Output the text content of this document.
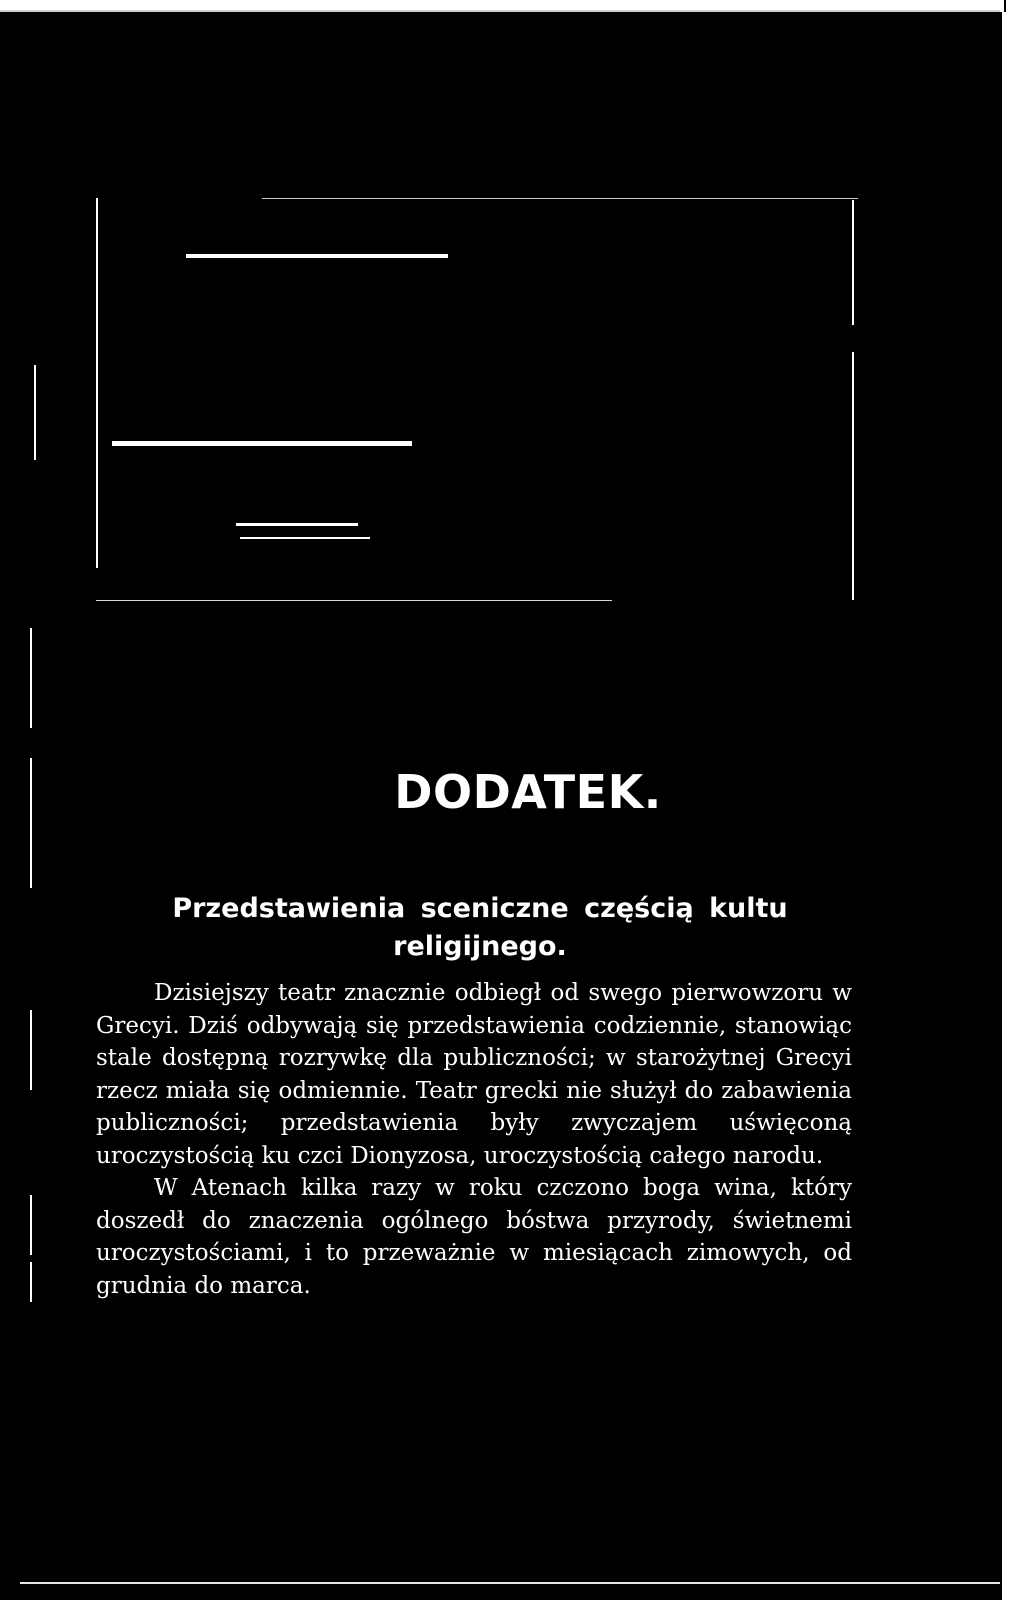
DODATEK.
Przedstawienia sceniczne częścią kultu religijnego.

Dzisiejszy teatr znacznie odbiegł od swego pierwowzoru w Grecyi. Dziś odbywają się przedstawienia codziennie, stanowiąc stale dostępną rozrywkę dla publiczności; w starożytnej Grecyi rzecz miała się odmiennie. Teatr grecki nie służył do zabawienia publiczności; przedstawienia były zwyczajem uświęconą uroczystością ku czci Dionyzosa, uroczystością całego narodu.

W Atenach kilka razy w roku czczono boga wina, który doszedł do znaczenia ogólnego bóstwa przyrody, świetnemi uroczystościami, i to przeważnie w miesiącach zimowych, od grudnia do marca.
